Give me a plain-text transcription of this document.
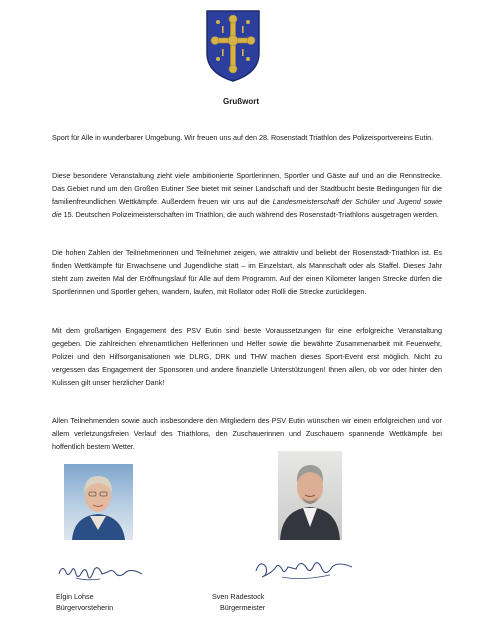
Grußwort

Sport für Alle in wunderbarer Umgebung. Wir freuen uns auf den 28. Rosenstadt Triathlon des Polizeisportvereins Eutin.

Diese besondere Veranstaltung zieht viele ambitionierte Sportlerinnen, Sportler und Gäste auf und an die Rennstrecke. Das Gebiet rund um den Großen Eutiner See bietet mit seiner Landschaft und der Stadtbucht beste Bedingungen für die familienfreundlichen Wettkämpfe. Außerdem freuen wir uns auf die Landesmeisterschaft der Schüler und Jugend sowie die 15. Deutschen Polizeimeisterschaften im Triathlon, die auch während des Rosenstadt-Triathlons ausgetragen werden.

Die hohen Zahlen der Teilnehmerinnen und Teilnehmer zeigen, wie attraktiv und beliebt der Rosenstadt-Triathlon ist. Es finden Wettkämpfe für Erwachsene und Jugendliche statt – im Einzelstart, als Mannschaft oder als Staffel. Dieses Jahr steht zum zweiten Mal der Eröffnungslauf für Alle auf dem Programm. Auf der einen Kilometer langen Strecke dürfen die Sportlerinnen und Sportler gehen, wandern, laufen, mit Rollator oder Rolli die Strecke zurücklegen.

Mit dem großartigen Engagement des PSV Eutin sind beste Voraussetzungen für eine erfolgreiche Veranstaltung gegeben. Die zahlreichen ehrenamtlichen Helferinnen und Helfer sowie die bewährte Zusammenarbeit mit Feuerwehr, Polizei und den Hilfsorganisationen wie DLRG, DRK und THW machen dieses Sport-Event erst möglich. Nicht zu vergessen das Engagement der Sponsoren und andere finanzielle Unterstützungen! Ihnen allen, ob vor oder hinter den Kulissen gilt unser herzlicher Dank!

Allen Teilnehmenden sowie auch insbesondere den Mitgliedern des PSV Eutin wünschen wir einen erfolgreichen und vor allem verletzungsfreien Verlauf des Triathlons, den Zuschauerinnen und Zuschauern spannende Wettkämpfe bei hoffentlich bestem Wetter.

Elgin Lohse
Bürgervorsteherin
Sven Radestock
Bürgermeister
